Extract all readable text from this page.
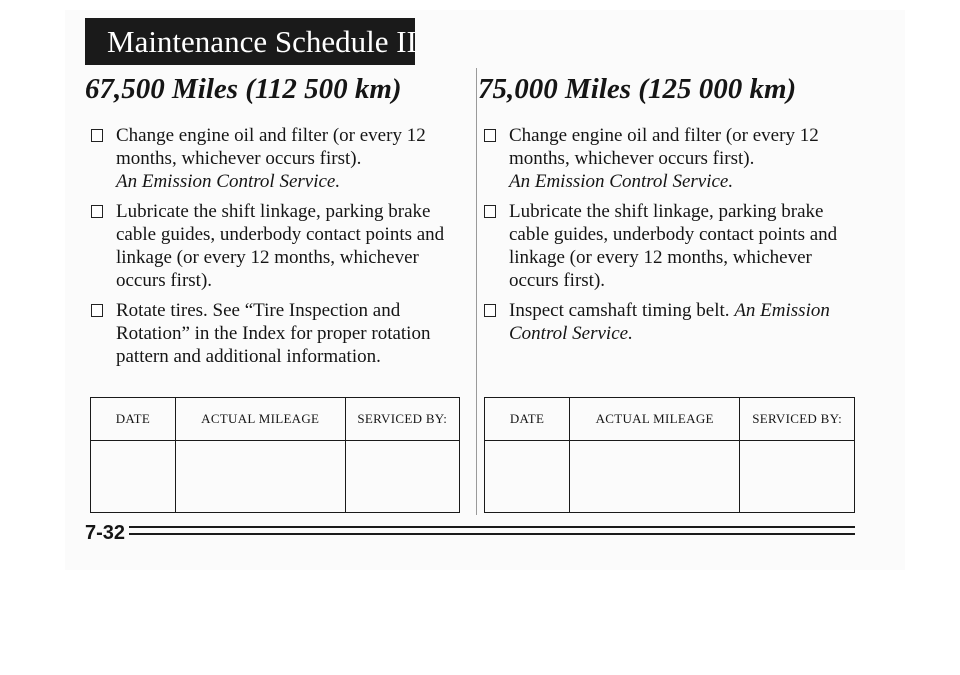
Maintenance Schedule II
67,500 Miles (112 500 km)
Change engine oil and filter (or every 12 months, whichever occurs first).
An Emission Control Service.
Lubricate the shift linkage, parking brake cable guides, underbody contact points and linkage (or every 12 months, whichever occurs first).
Rotate tires. See “Tire Inspection and Rotation” in the Index for proper rotation pattern and additional information.
75,000 Miles (125 000 km)
Change engine oil and filter (or every 12 months, whichever occurs first).
An Emission Control Service.
Lubricate the shift linkage, parking brake cable guides, underbody contact points and linkage (or every 12 months, whichever occurs first).
Inspect camshaft timing belt. An Emission Control Service.
DATE	ACTUAL MILEAGE	SERVICED BY:
			DATE	ACTUAL MILEAGE	SERVICED BY:

7-32
